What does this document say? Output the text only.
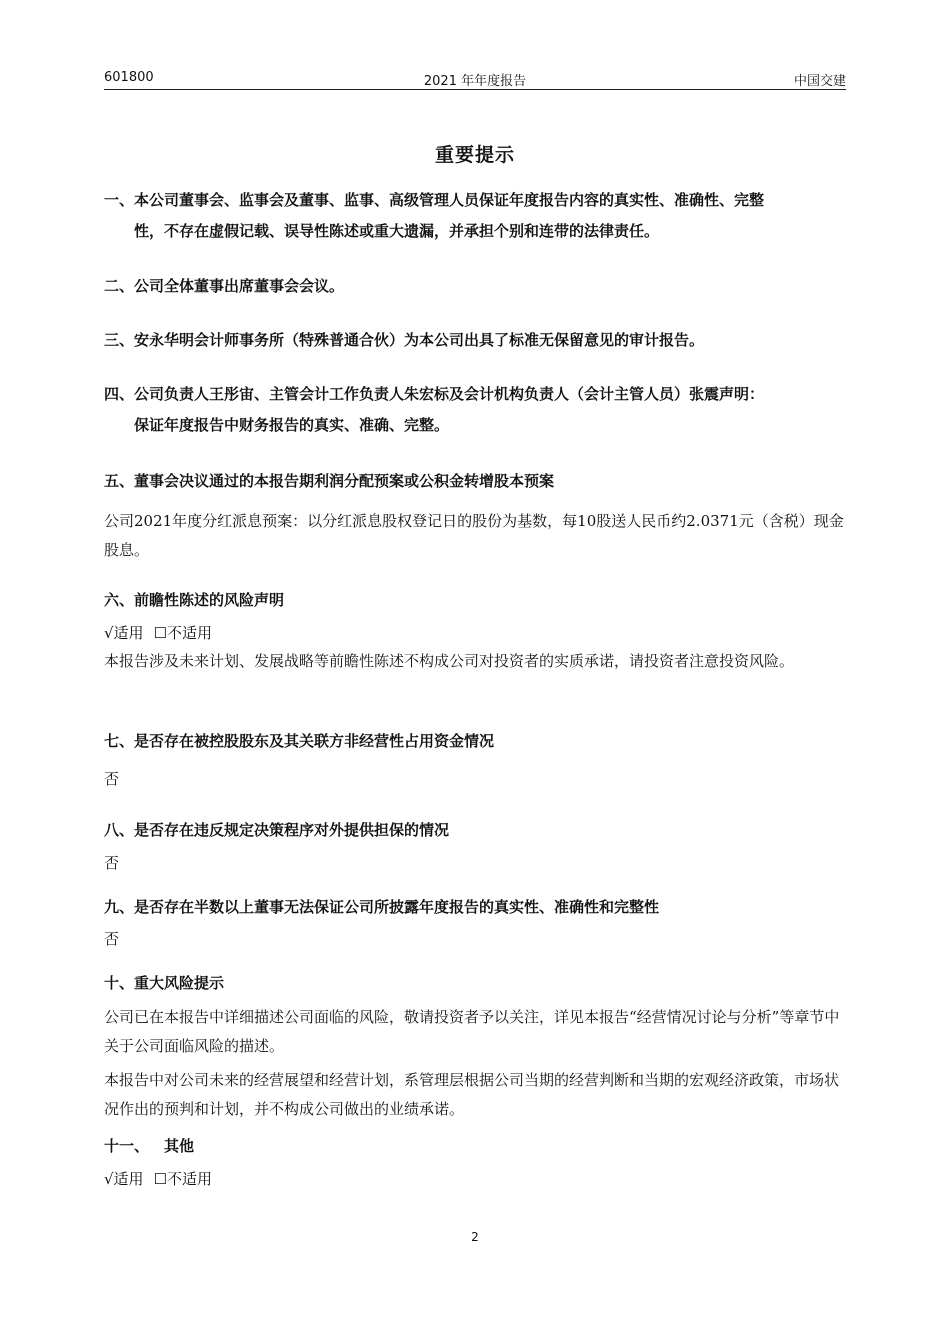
601800	2021 年年度报告	中国交建
重要提示
一、本公司董事会、监事会及董事、监事、高级管理人员保证年度报告内容的真实性、准确性、完整
性，不存在虚假记载、误导性陈述或重大遗漏，并承担个别和连带的法律责任。
二、公司全体董事出席董事会会议。
三、安永华明会计师事务所（特殊普通合伙）为本公司出具了标准无保留意见的审计报告。
四、公司负责人王彤宙、主管会计工作负责人朱宏标及会计机构负责人（会计主管人员）张震声明：
保证年度报告中财务报告的真实、准确、完整。
五、董事会决议通过的本报告期利润分配预案或公积金转增股本预案
公司2021年度分红派息预案：以分红派息股权登记日的股份为基数，每10股送人民币约2.0371元（含税）现金股息。
六、前瞻性陈述的风险声明
√适用 ☐不适用
本报告涉及未来计划、发展战略等前瞻性陈述不构成公司对投资者的实质承诺，请投资者注意投资风险。
七、是否存在被控股股东及其关联方非经营性占用资金情况
否
八、是否存在违反规定决策程序对外提供担保的情况
否
九、是否存在半数以上董事无法保证公司所披露年度报告的真实性、准确性和完整性
否
十、重大风险提示
公司已在本报告中详细描述公司面临的风险，敬请投资者予以关注，详见本报告“经营情况讨论与分析”等章节中关于公司面临风险的描述。
本报告中对公司未来的经营展望和经营计划，系管理层根据公司当期的经营判断和当期的宏观经济政策，市场状况作出的预判和计划，并不构成公司做出的业绩承诺。
十一、 其他
√适用 ☐不适用
2
